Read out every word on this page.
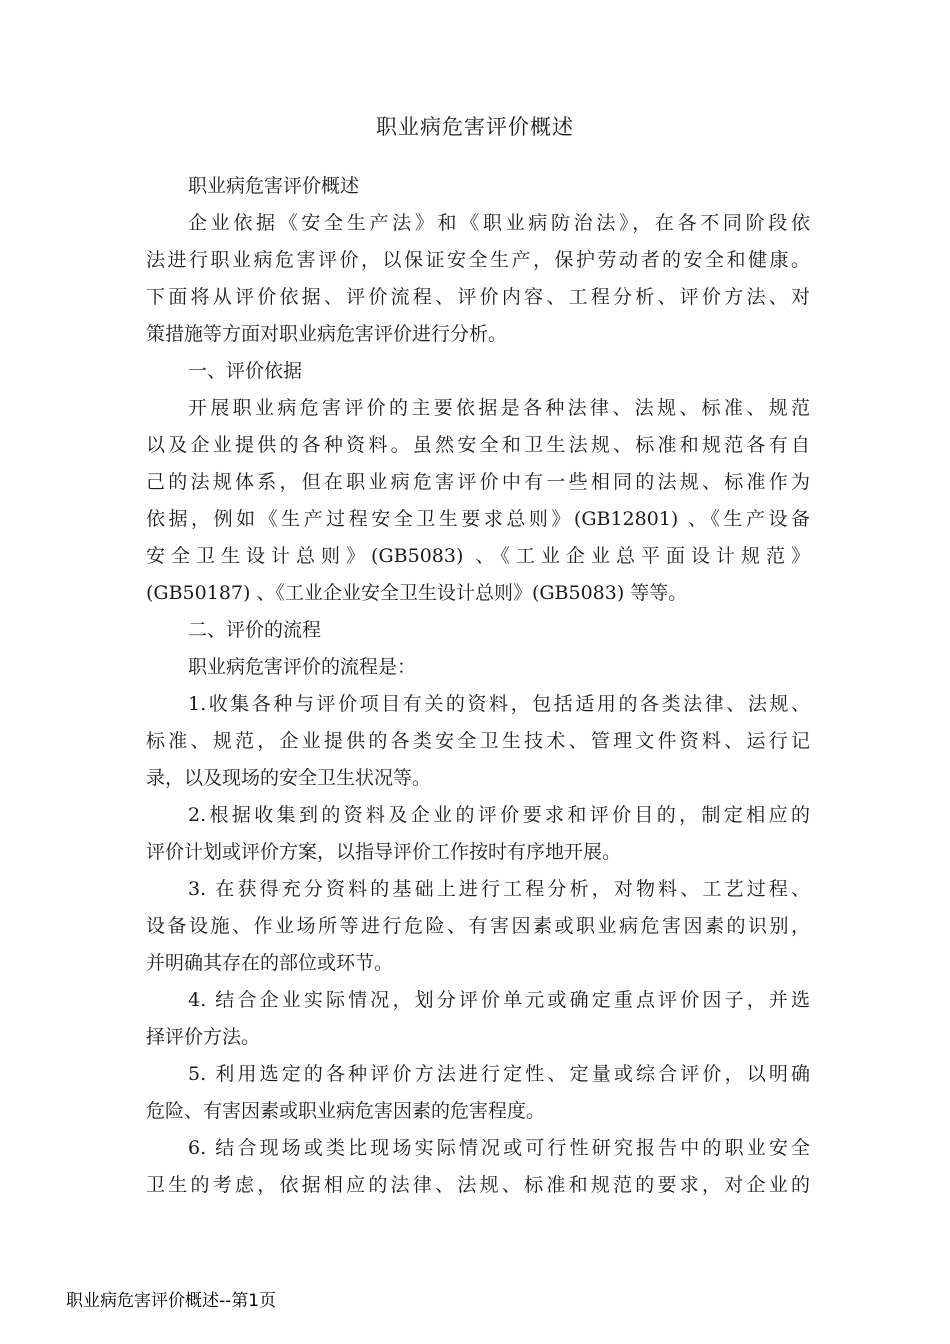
职业病危害评价概述
职业病危害评价概述
企业依据《安全生产法》和《职业病防治法》，在各不同阶段依
法进行职业病危害评价，以保证安全生产，保护劳动者的安全和健康。
下面将从评价依据、评价流程、评价内容、工程分析、评价方法、对
策措施等方面对职业病危害评价进行分析。
一、评价依据
开展职业病危害评价的主要依据是各种法律、法规、标准、规范
以及企业提供的各种资料。虽然安全和卫生法规、标准和规范各有自
己的法规体系，但在职业病危害评价中有一些相同的法规、标准作为
依据，例如《生产过程安全卫生要求总则》(GB12801) 、《生产设备
安全卫生设计总则》(GB5083) 、《工业企业总平面设计规范》
(GB50187) 、《工业企业安全卫生设计总则》(GB5083) 等等。
二、评价的流程
职业病危害评价的流程是：
1.收集各种与评价项目有关的资料，包括适用的各类法律、法规、
标准、规范，企业提供的各类安全卫生技术、管理文件资料、运行记
录，以及现场的安全卫生状况等。
2.根据收集到的资料及企业的评价要求和评价目的，制定相应的
评价计划或评价方案，以指导评价工作按时有序地开展。
3. 在获得充分资料的基础上进行工程分析，对物料、工艺过程、
设备设施、作业场所等进行危险、有害因素或职业病危害因素的识别，
并明确其存在的部位或环节。
4. 结合企业实际情况，划分评价单元或确定重点评价因子，并选
择评价方法。
5. 利用选定的各种评价方法进行定性、定量或综合评价，以明确
危险、有害因素或职业病危害因素的危害程度。
6. 结合现场或类比现场实际情况或可行性研究报告中的职业安全
卫生的考虑，依据相应的法律、法规、标准和规范的要求，对企业的
职业病危害评价概述--第1页
